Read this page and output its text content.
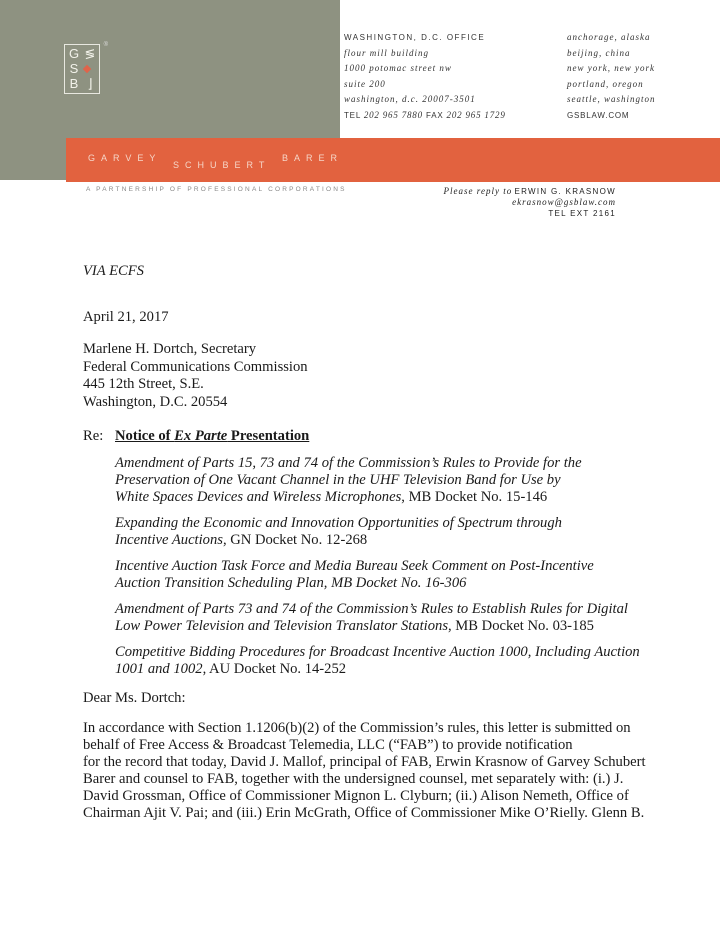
G ≶
S
B ⌋
®
GARVEY
SCHUBERT
BARER
A PARTNERSHIP OF PROFESSIONAL CORPORATIONS
WASHINGTON, D.C. OFFICE
flour mill building
1000 potomac street nw
suite 200
washington, d.c. 20007-3501
TEL 202 965 7880 FAX 202 965 1729
anchorage, alaska
beijing, china
new york, new york
portland, oregon
seattle, washington
GSBLAW.COM
Please reply to ERWIN G. KRASNOW
ekrasnow@gsblaw.com
TEL EXT 2161
VIA ECFS
April 21, 2017
Marlene H. Dortch, Secretary
Federal Communications Commission
445 12th Street, S.E.
Washington, D.C. 20554
Re: Notice of Ex Parte Presentation
Amendment of Parts 15, 73 and 74 of the Commission’s Rules to Provide for the
Preservation of One Vacant Channel in the UHF Television Band for Use by
White Spaces Devices and Wireless Microphones, MB Docket No. 15-146
Expanding the Economic and Innovation Opportunities of Spectrum through
Incentive Auctions, GN Docket No. 12-268
Incentive Auction Task Force and Media Bureau Seek Comment on Post-Incentive
Auction Transition Scheduling Plan, MB Docket No. 16-306
Amendment of Parts 73 and 74 of the Commission’s Rules to Establish Rules for Digital
Low Power Television and Television Translator Stations, MB Docket No. 03-185
Competitive Bidding Procedures for Broadcast Incentive Auction 1000, Including Auction
1001 and 1002, AU Docket No. 14-252
Dear Ms. Dortch:
In accordance with Section 1.1206(b)(2) of the Commission’s rules, this letter is submitted on
behalf of Free Access & Broadcast Telemedia, LLC (“FAB”) to provide notification
for the record that today, David J. Mallof, principal of FAB, Erwin Krasnow of Garvey Schubert
Barer and counsel to FAB, together with the undersigned counsel, met separately with: (i.) J.
David Grossman, Office of Commissioner Mignon L. Clyburn; (ii.) Alison Nemeth, Office of
Chairman Ajit V. Pai; and (iii.) Erin McGrath, Office of Commissioner Mike O’Rielly. Glenn B.
